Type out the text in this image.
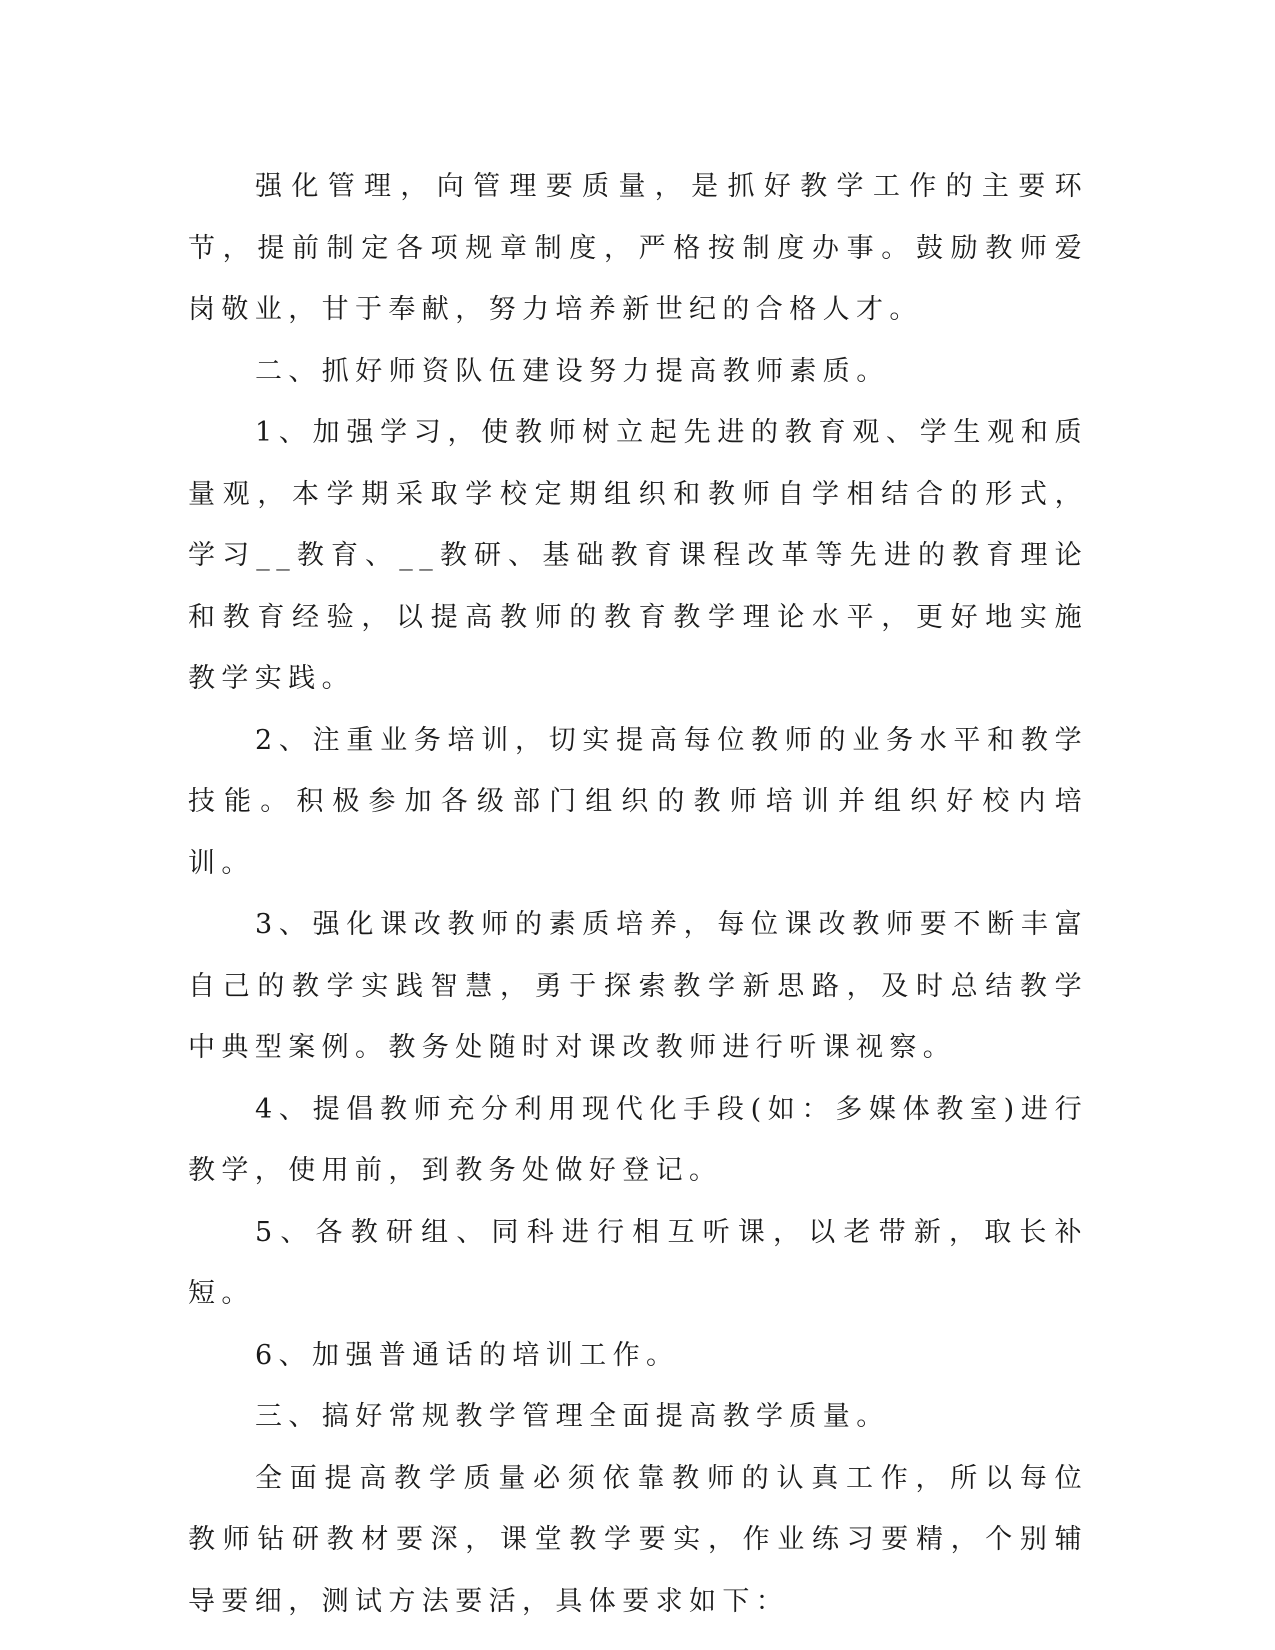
强化管理，向管理要质量，是抓好教学工作的主要环节，提前制定各项规章制度，严格按制度办事。鼓励教师爱岗敬业，甘于奉献，努力培养新世纪的合格人才。

二、抓好师资队伍建设努力提高教师素质。

1、加强学习，使教师树立起先进的教育观、学生观和质量观，本学期采取学校定期组织和教师自学相结合的形式，学习__教育、__教研、基础教育课程改革等先进的教育理论和教育经验，以提高教师的教育教学理论水平，更好地实施教学实践。

2、注重业务培训，切实提高每位教师的业务水平和教学技能。积极参加各级部门组织的教师培训并组织好校内培训。

3、强化课改教师的素质培养，每位课改教师要不断丰富自己的教学实践智慧，勇于探索教学新思路，及时总结教学中典型案例。教务处随时对课改教师进行听课视察。

4、提倡教师充分利用现代化手段(如：多媒体教室)进行教学，使用前，到教务处做好登记。

5、各教研组、同科进行相互听课，以老带新，取长补短。

6、加强普通话的培训工作。

三、搞好常规教学管理全面提高教学质量。

全面提高教学质量必须依靠教师的认真工作，所以每位教师钻研教材要深，课堂教学要实，作业练习要精，个别辅导要细，测试方法要活，具体要求如下：
